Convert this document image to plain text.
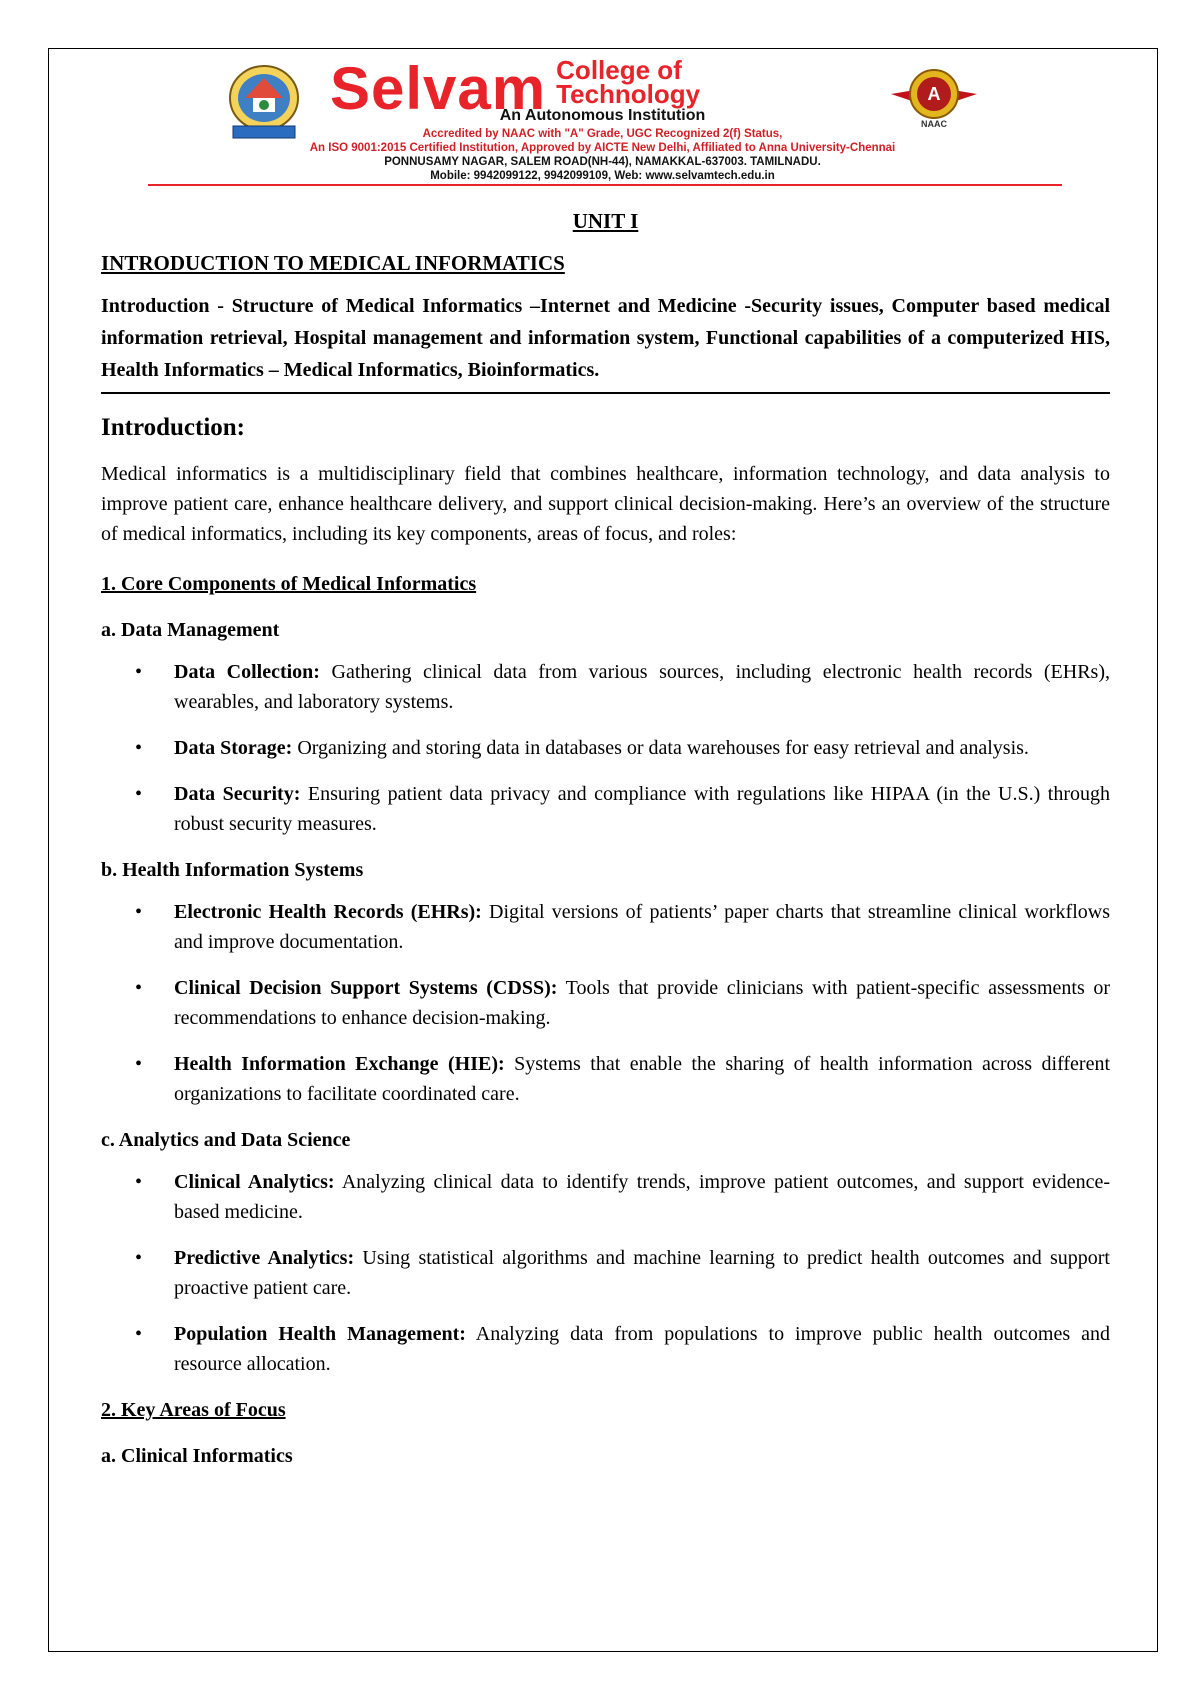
Selvam College of
Technology	A
NAAC
An Autonomous Institution
Accredited by NAAC with "A" Grade, UGC Recognized 2(f) Status,
An ISO 9001:2015 Certified Institution, Approved by AICTE New Delhi, Affiliated to Anna University-Chennai
PONNUSAMY NAGAR, SALEM ROAD(NH-44), NAMAKKAL-637003. TAMILNADU.
Mobile: 9942099122, 9942099109, Web: www.selvamtech.edu.in
UNIT I
INTRODUCTION TO MEDICAL INFORMATICS

Introduction - Structure of Medical Informatics –Internet and Medicine -Security issues, Computer based medical information retrieval, Hospital management and information system, Functional capabilities of a computerized HIS, Health Informatics – Medical Informatics, Bioinformatics.

Introduction:

Medical informatics is a multidisciplinary field that combines healthcare, information technology, and data analysis to improve patient care, enhance healthcare delivery, and support clinical decision-making. Here’s an overview of the structure of medical informatics, including its key components, areas of focus, and roles:

1. Core Components of Medical Informatics
a. Data Management
• Data Collection: Gathering clinical data from various sources, including electronic health records (EHRs), wearables, and laboratory systems.
• Data Storage: Organizing and storing data in databases or data warehouses for easy retrieval and analysis.
• Data Security: Ensuring patient data privacy and compliance with regulations like HIPAA (in the U.S.) through robust security measures.
b. Health Information Systems
• Electronic Health Records (EHRs): Digital versions of patients’ paper charts that streamline clinical workflows and improve documentation.
• Clinical Decision Support Systems (CDSS): Tools that provide clinicians with patient-specific assessments or recommendations to enhance decision-making.
• Health Information Exchange (HIE): Systems that enable the sharing of health information across different organizations to facilitate coordinated care.
c. Analytics and Data Science
• Clinical Analytics: Analyzing clinical data to identify trends, improve patient outcomes, and support evidence-based medicine.
• Predictive Analytics: Using statistical algorithms and machine learning to predict health outcomes and support proactive patient care.
• Population Health Management: Analyzing data from populations to improve public health outcomes and resource allocation.
2. Key Areas of Focus
a. Clinical Informatics
